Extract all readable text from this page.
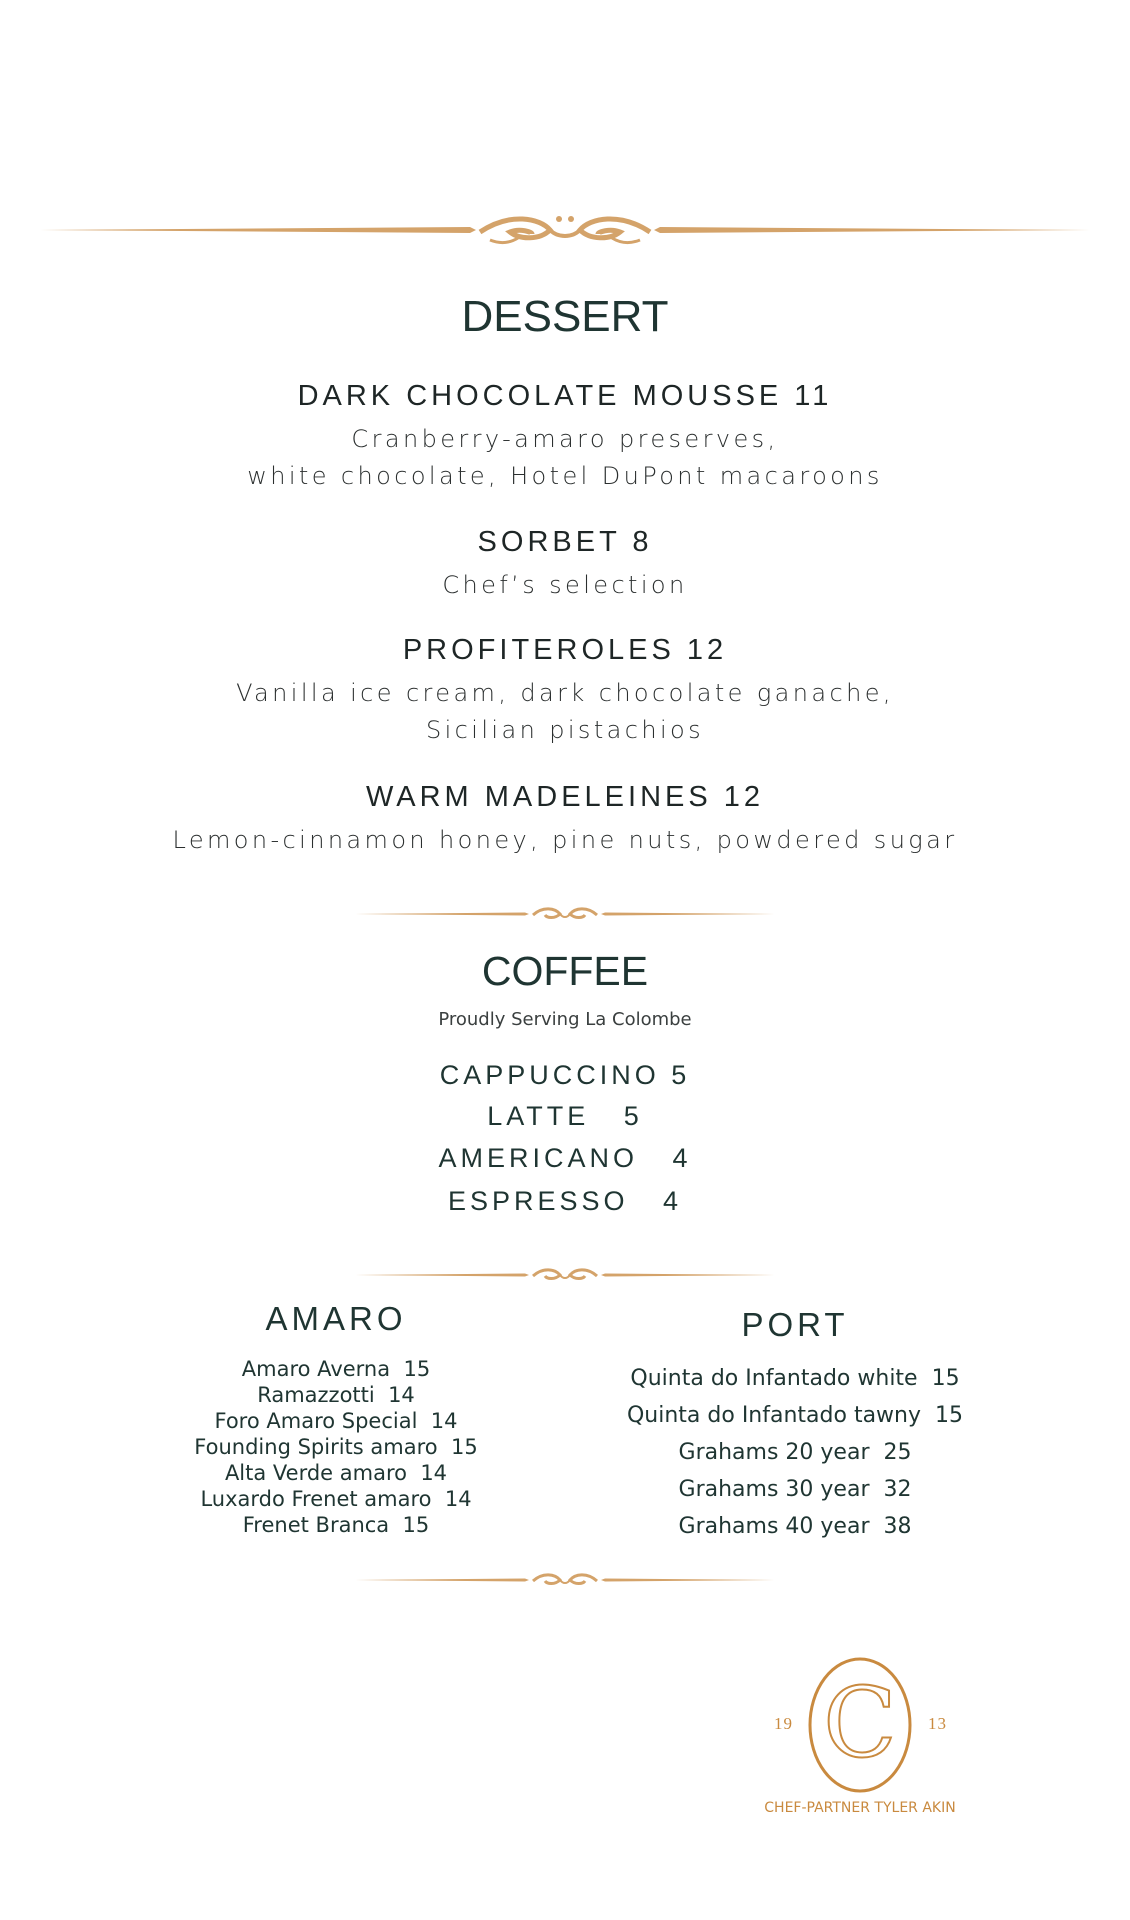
DESSERT
DARK CHOCOLATE MOUSSE 11
Cranberry-amaro preserves,
white chocolate, Hotel DuPont macaroons
SORBET 8
Chef’s selection
PROFITEROLES 12
Vanilla ice cream, dark chocolate ganache,
Sicilian pistachios
WARM MADELEINES 12
Lemon-cinnamon honey, pine nuts, powdered sugar
COFFEE
Proudly Serving La Colombe
CAPPUCCINO 5
LATTE   5
AMERICANO   4
ESPRESSO   4
AMARO
Amaro Averna  15
Ramazzotti  14
Foro Amaro Special  14
Founding Spirits amaro  15
Alta Verde amaro  14
Luxardo Frenet amaro  14
Frenet Branca  15
PORT
Quinta do Infantado white  15
Quinta do Infantado tawny  15
Grahams 20 year  25
Grahams 30 year  32
Grahams 40 year  38
C
19	13
CHEF-PARTNER TYLER AKIN
